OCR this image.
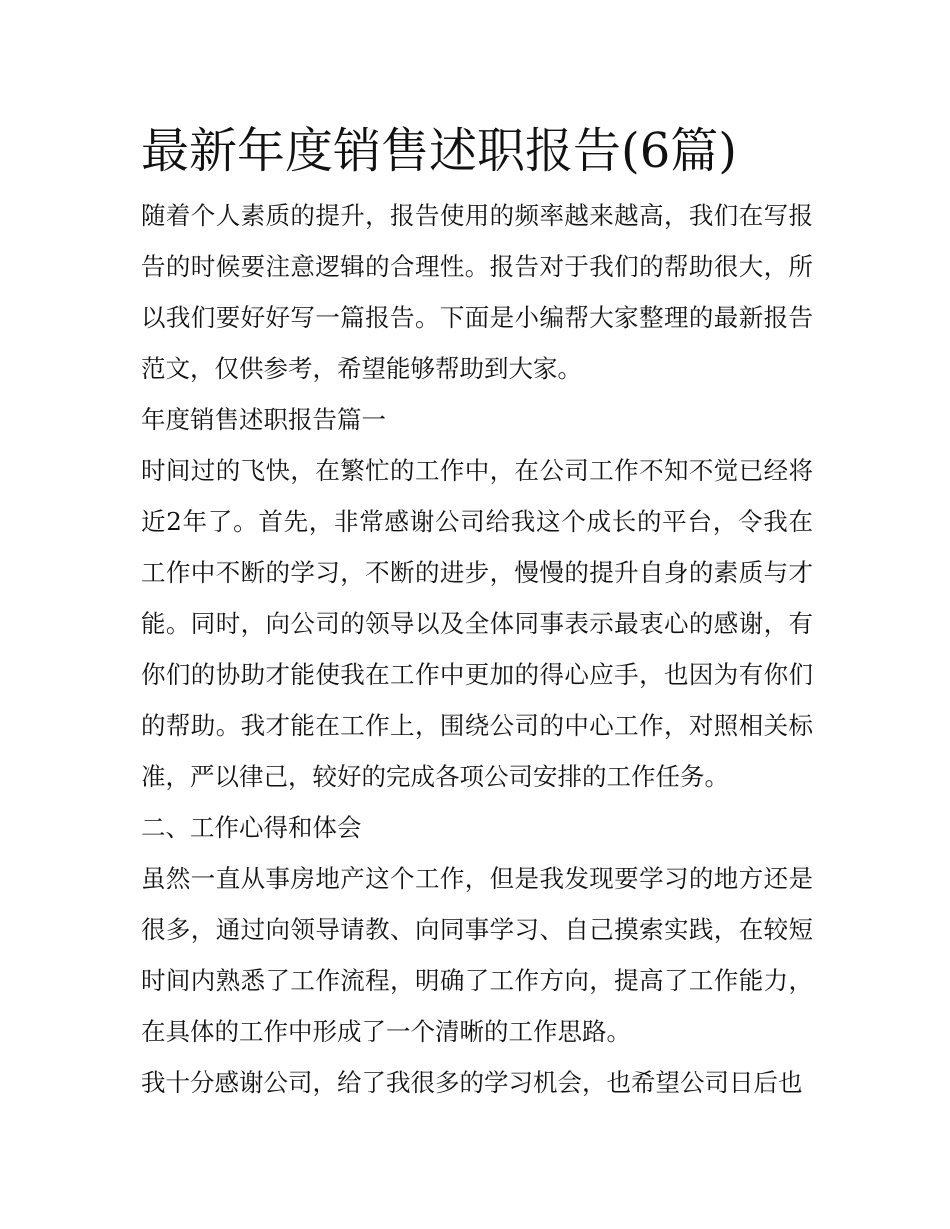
最新年度销售述职报告(6篇)

随着个人素质的提升，报告使用的频率越来越高，我们在写报告的时候要注意逻辑的合理性。报告对于我们的帮助很大，所以我们要好好写一篇报告。下面是小编帮大家整理的最新报告范文，仅供参考，希望能够帮助到大家。

年度销售述职报告篇一

时间过的飞快，在繁忙的工作中，在公司工作不知不觉已经将近2年了。首先，非常感谢公司给我这个成长的平台，令我在工作中不断的学习，不断的进步，慢慢的提升自身的素质与才能。同时，向公司的领导以及全体同事表示最衷心的感谢，有你们的协助才能使我在工作中更加的得心应手，也因为有你们的帮助。我才能在工作上，围绕公司的中心工作，对照相关标准，严以律己，较好的完成各项公司安排的工作任务。

二、工作心得和体会

虽然一直从事房地产这个工作，但是我发现要学习的地方还是很多，通过向领导请教、向同事学习、自己摸索实践，在较短时间内熟悉了工作流程，明确了工作方向，提高了工作能力，在具体的工作中形成了一个清晰的工作思路。

我十分感谢公司，给了我很多的学习机会，也希望公司日后也
